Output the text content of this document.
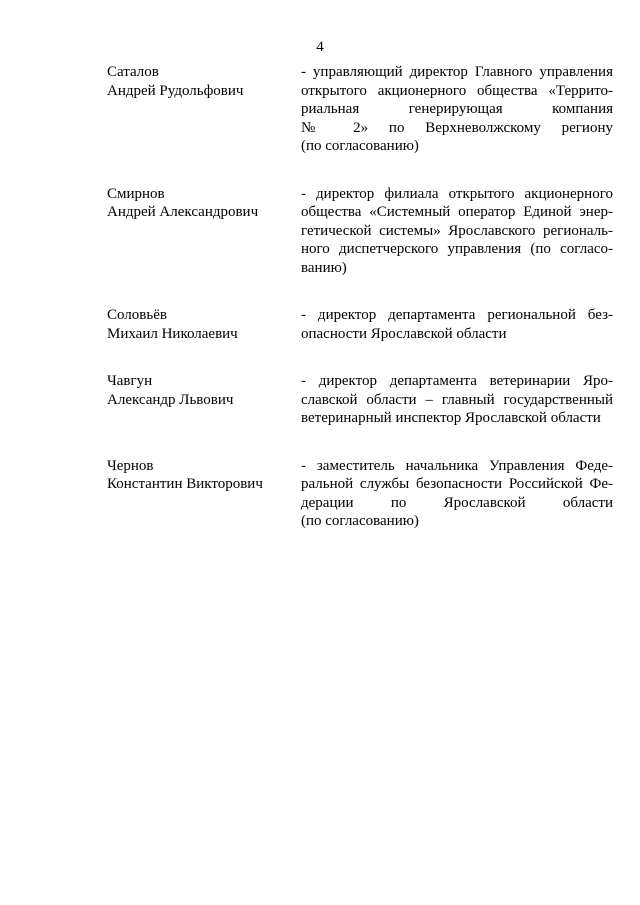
4
Саталов
Андрей Рудольфович
- управляющий директор Главного управления
открытого акционерного общества «Террито-
риальная генерирующая компания
№ 2» по Верхневолжскому региону
(по согласованию)
Смирнов
Андрей Александрович
- директор филиала открытого акционерного
общества «Системный оператор Единой энер-
гетической системы» Ярославского региональ-
ного диспетчерского управления (по согласо-
ванию)
Соловьёв
Михаил Николаевич
- директор департамента региональной без-
опасности Ярославской области
Чавгун
Александр Львович
- директор департамента ветеринарии Яро-
славской области – главный государственный
ветеринарный инспектор Ярославской области
Чернов
Константин Викторович
- заместитель начальника Управления Феде-
ральной службы безопасности Российской Фе-
дерации по Ярославской области
(по согласованию)
